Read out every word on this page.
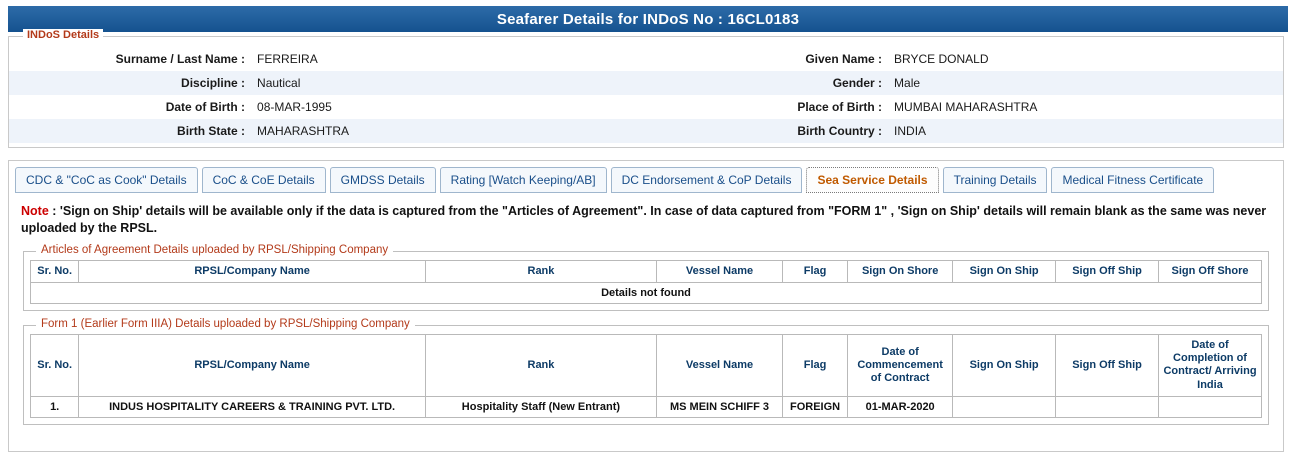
Seafarer Details for INDoS No : 16CL0183
INDoS Details
Surname / Last Name :	FERREIRA	Given Name :	BRYCE DONALD
Discipline :	Nautical	Gender :	Male
Date of Birth :	08-MAR-1995	Place of Birth :	MUMBAI MAHARASHTRA
Birth State :	MAHARASHTRA	Birth Country :	INDIA
CDC & "CoC as Cook" Details	CoC & CoE Details	GMDSS Details	Rating [Watch Keeping/AB]	DC Endorsement & CoP Details	Sea Service Details	Training Details	Medical Fitness Certificate
Note : 'Sign on Ship' details will be available only if the data is captured from the "Articles of Agreement". In case of data captured from "FORM 1" , 'Sign on Ship' details will remain blank as the same was never uploaded by the RPSL.
Articles of Agreement Details uploaded by RPSL/Shipping Company
Sr. No.	RPSL/Company Name	Rank	Vessel Name	Flag	Sign On Shore	Sign On Ship	Sign Off Ship	Sign Off Shore
Details not found
Form 1 (Earlier Form IIIA) Details uploaded by RPSL/Shipping Company
Sr. No.	RPSL/Company Name	Rank	Vessel Name	Flag	Date of Commencement of Contract	Sign On Ship	Sign Off Ship	Date of Completion of Contract/ Arriving India
1.	INDUS HOSPITALITY CAREERS & TRAINING PVT. LTD.	Hospitality Staff (New Entrant)	MS MEIN SCHIFF 3	FOREIGN	01-MAR-2020			
